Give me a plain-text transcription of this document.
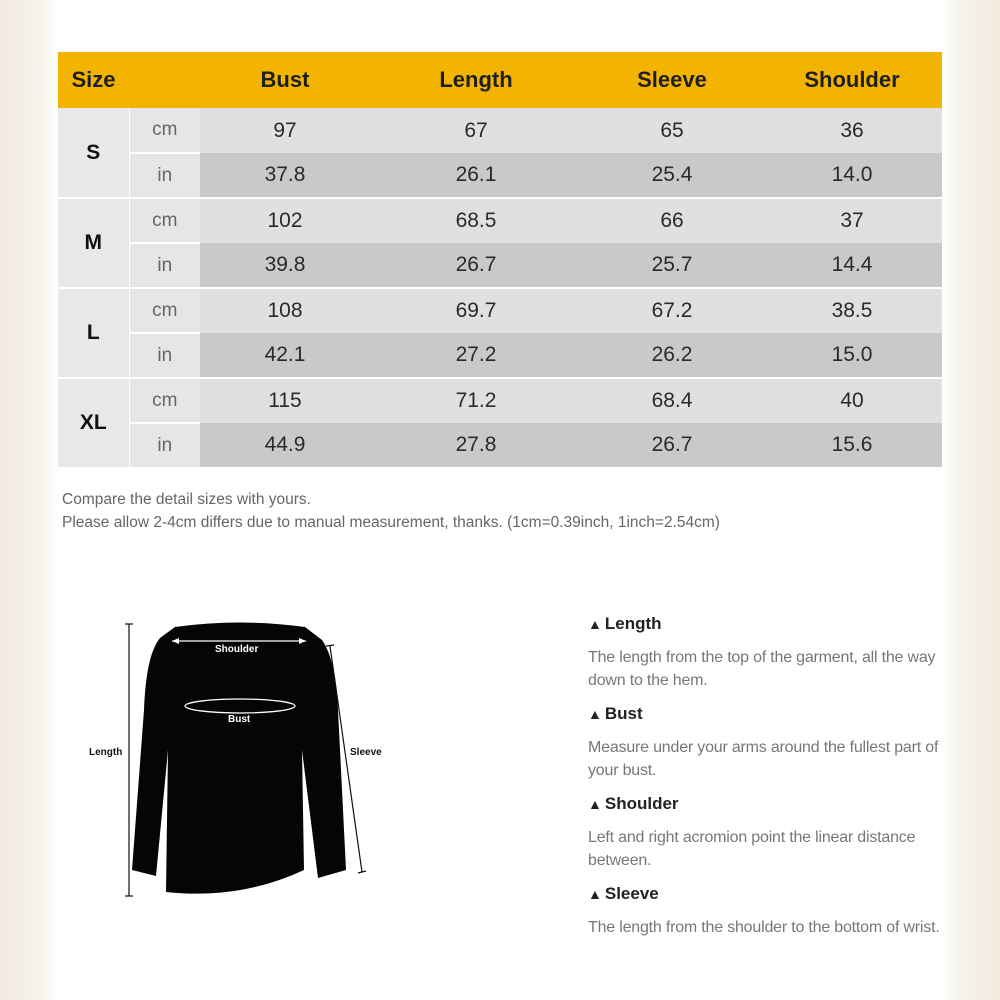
Size		Bust	Length	Sleeve	Shoulder
S	cm	97	67	65	36
	in	37.8	26.1	25.4	14.0
M	cm	102	68.5	66	37
	in	39.8	26.7	25.7	14.4
L	cm	108	69.7	67.2	38.5
	in	42.1	27.2	26.2	15.0
XL	cm	115	71.2	68.4	40
	in	44.9	27.8	26.7	15.6

Compare the detail sizes with yours.

Please allow 2-4cm differs due to manual measurement, thanks. (1cm=0.39inch, 1inch=2.54cm)

Shoulder
Bust
Length	Sleeve
▲ Length

The length from the top of the garment, all the way down to the hem.

▲ Bust

Measure under your arms around the fullest part of your bust.

▲ Shoulder

Left and right acromion point the linear distance between.

▲ Sleeve

The length from the shoulder to the bottom of wrist.
